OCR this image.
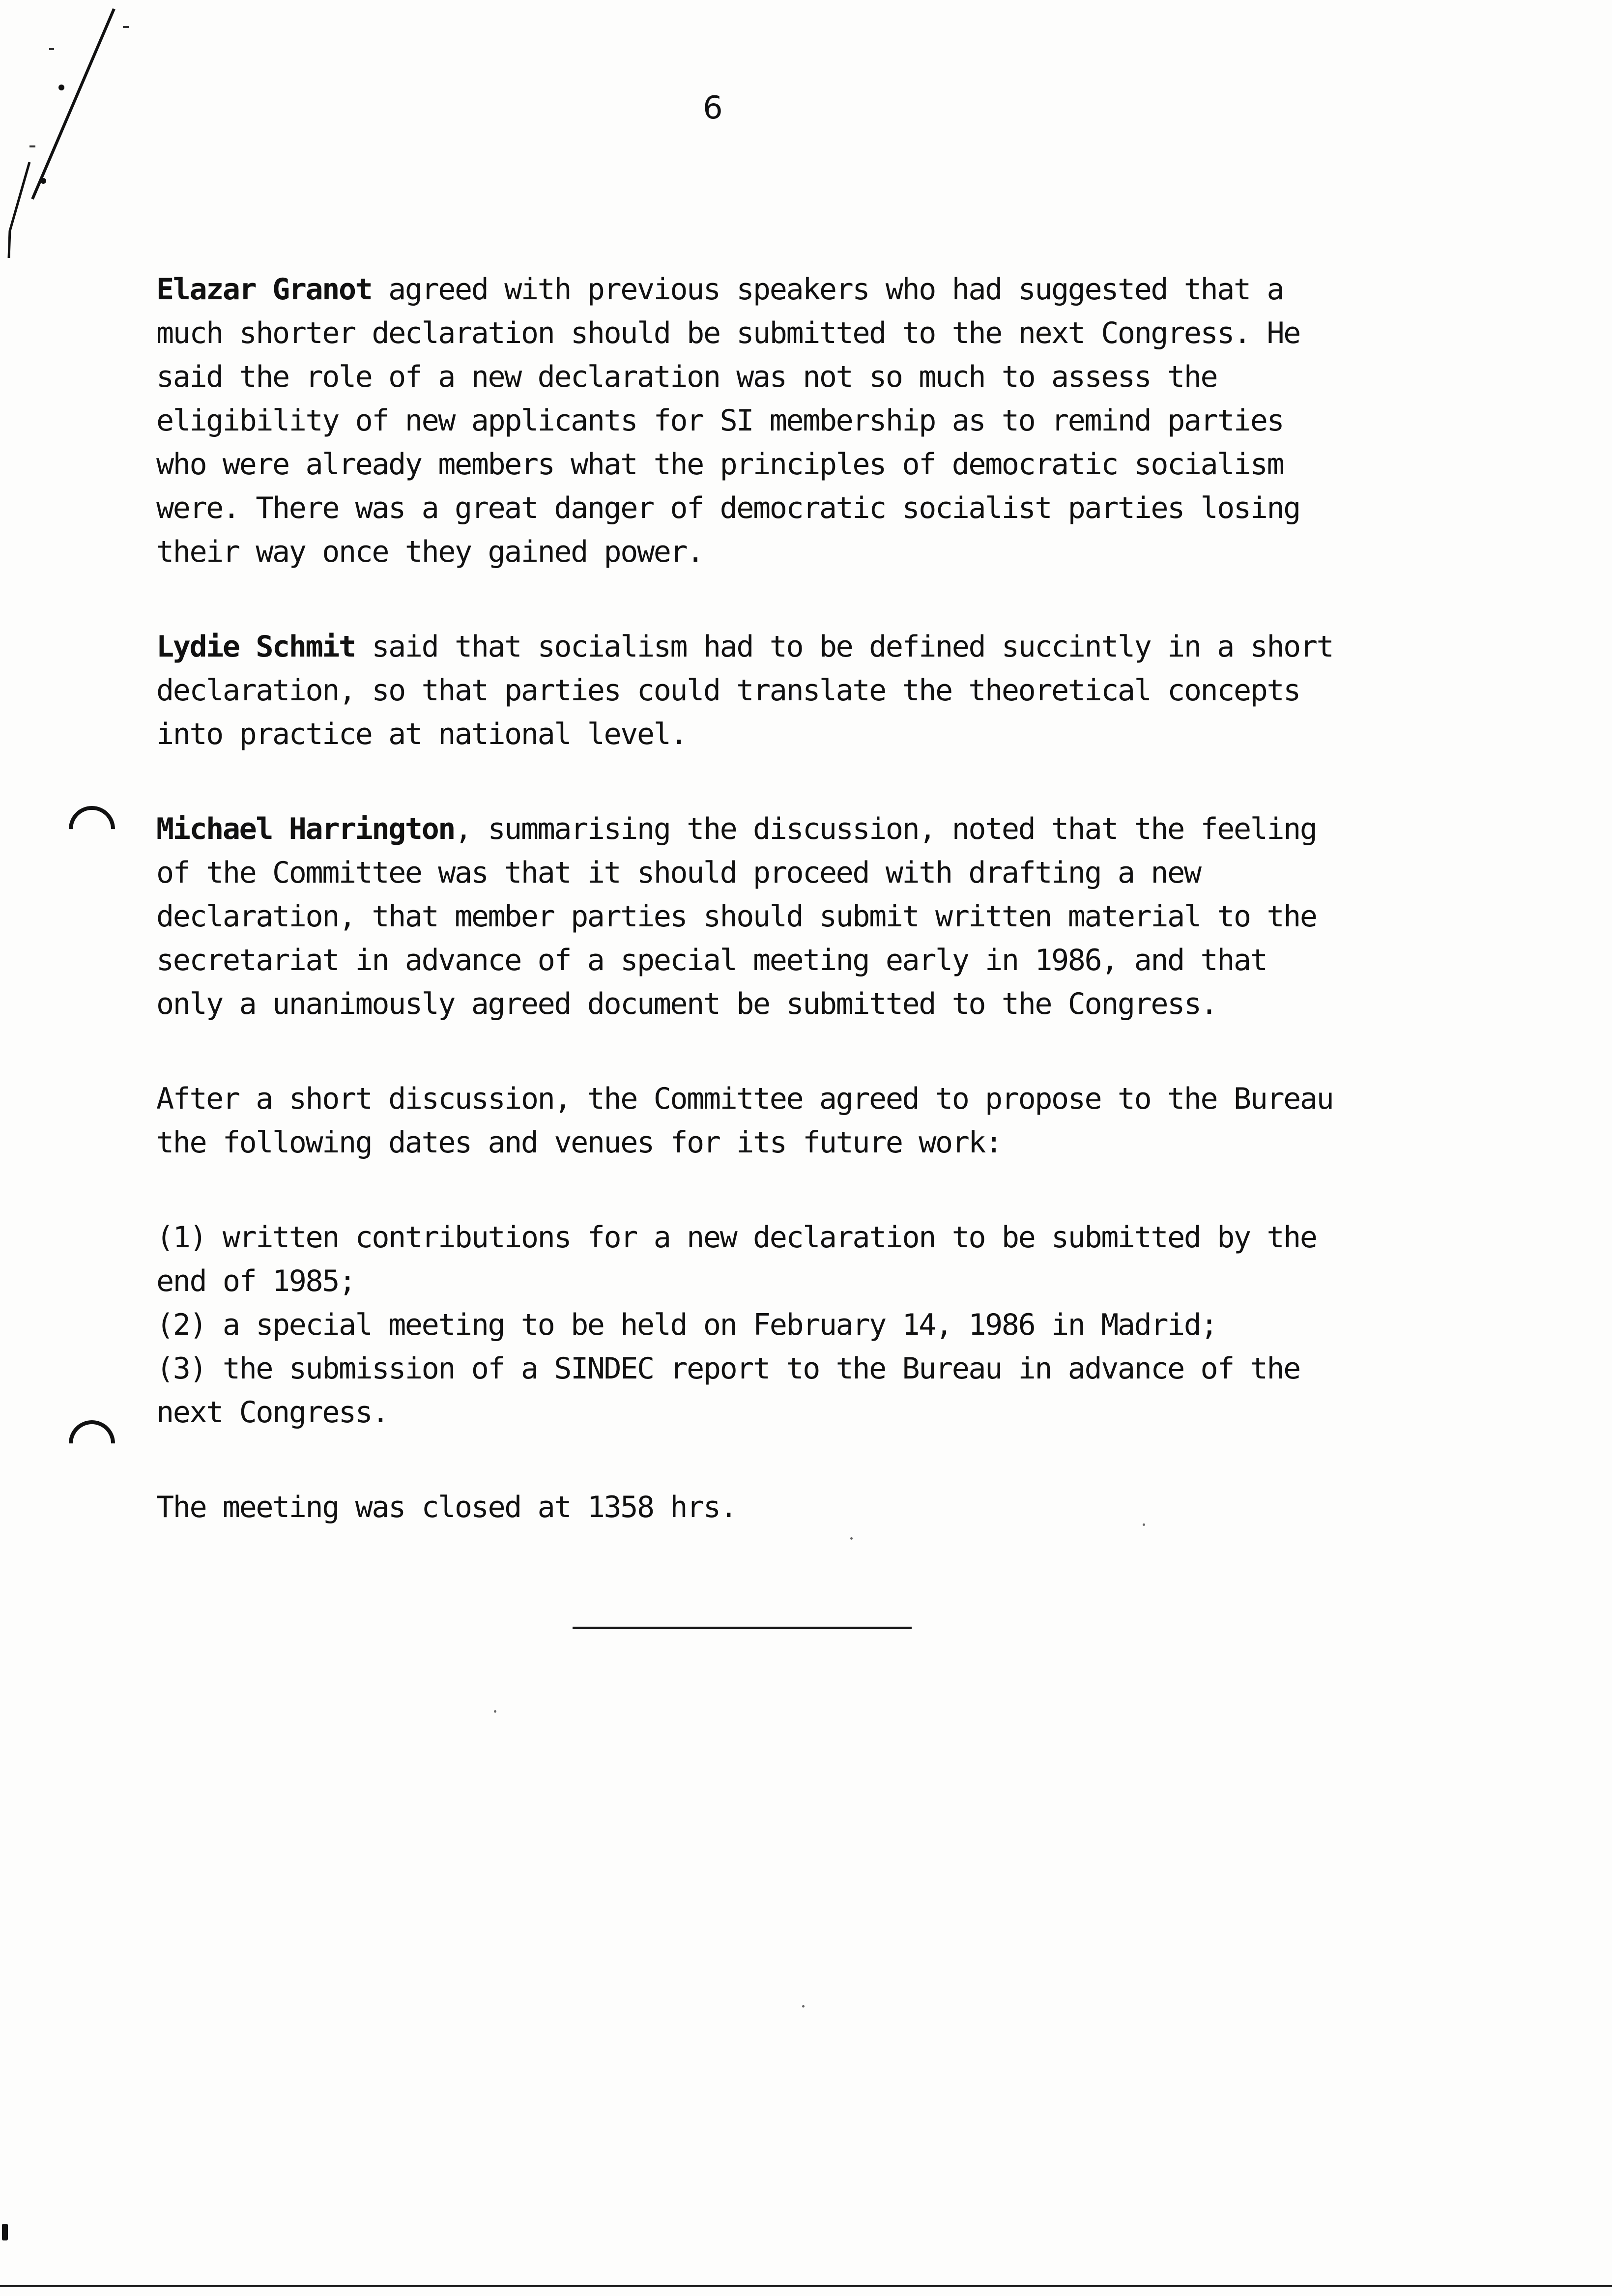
6

Elazar Granot agreed with previous speakers who had suggested that a much shorter declaration should be submitted to the next Congress. He said the role of a new declaration was not so much to assess the eligibility of new applicants for SI membership as to remind parties who were already members what the principles of democratic socialism were. There was a great danger of democratic socialist parties losing their way once they gained power.

Lydie Schmit said that socialism had to be defined succintly in a short declaration, so that parties could translate the theoretical concepts into practice at national level.

Michael Harrington, summarising the discussion, noted that the feeling of the Committee was that it should proceed with drafting a new declaration, that member parties should submit written material to the secretariat in advance of a special meeting early in 1986, and that only a unanimously agreed document be submitted to the Congress.

After a short discussion, the Committee agreed to propose to the Bureau the following dates and venues for its future work:

(1) written contributions for a new declaration to be submitted by the end of 1985;
(2) a special meeting to be held on February 14, 1986 in Madrid;
(3) the submission of a SINDEC report to the Bureau in advance of the next Congress.

The meeting was closed at 1358 hrs.
